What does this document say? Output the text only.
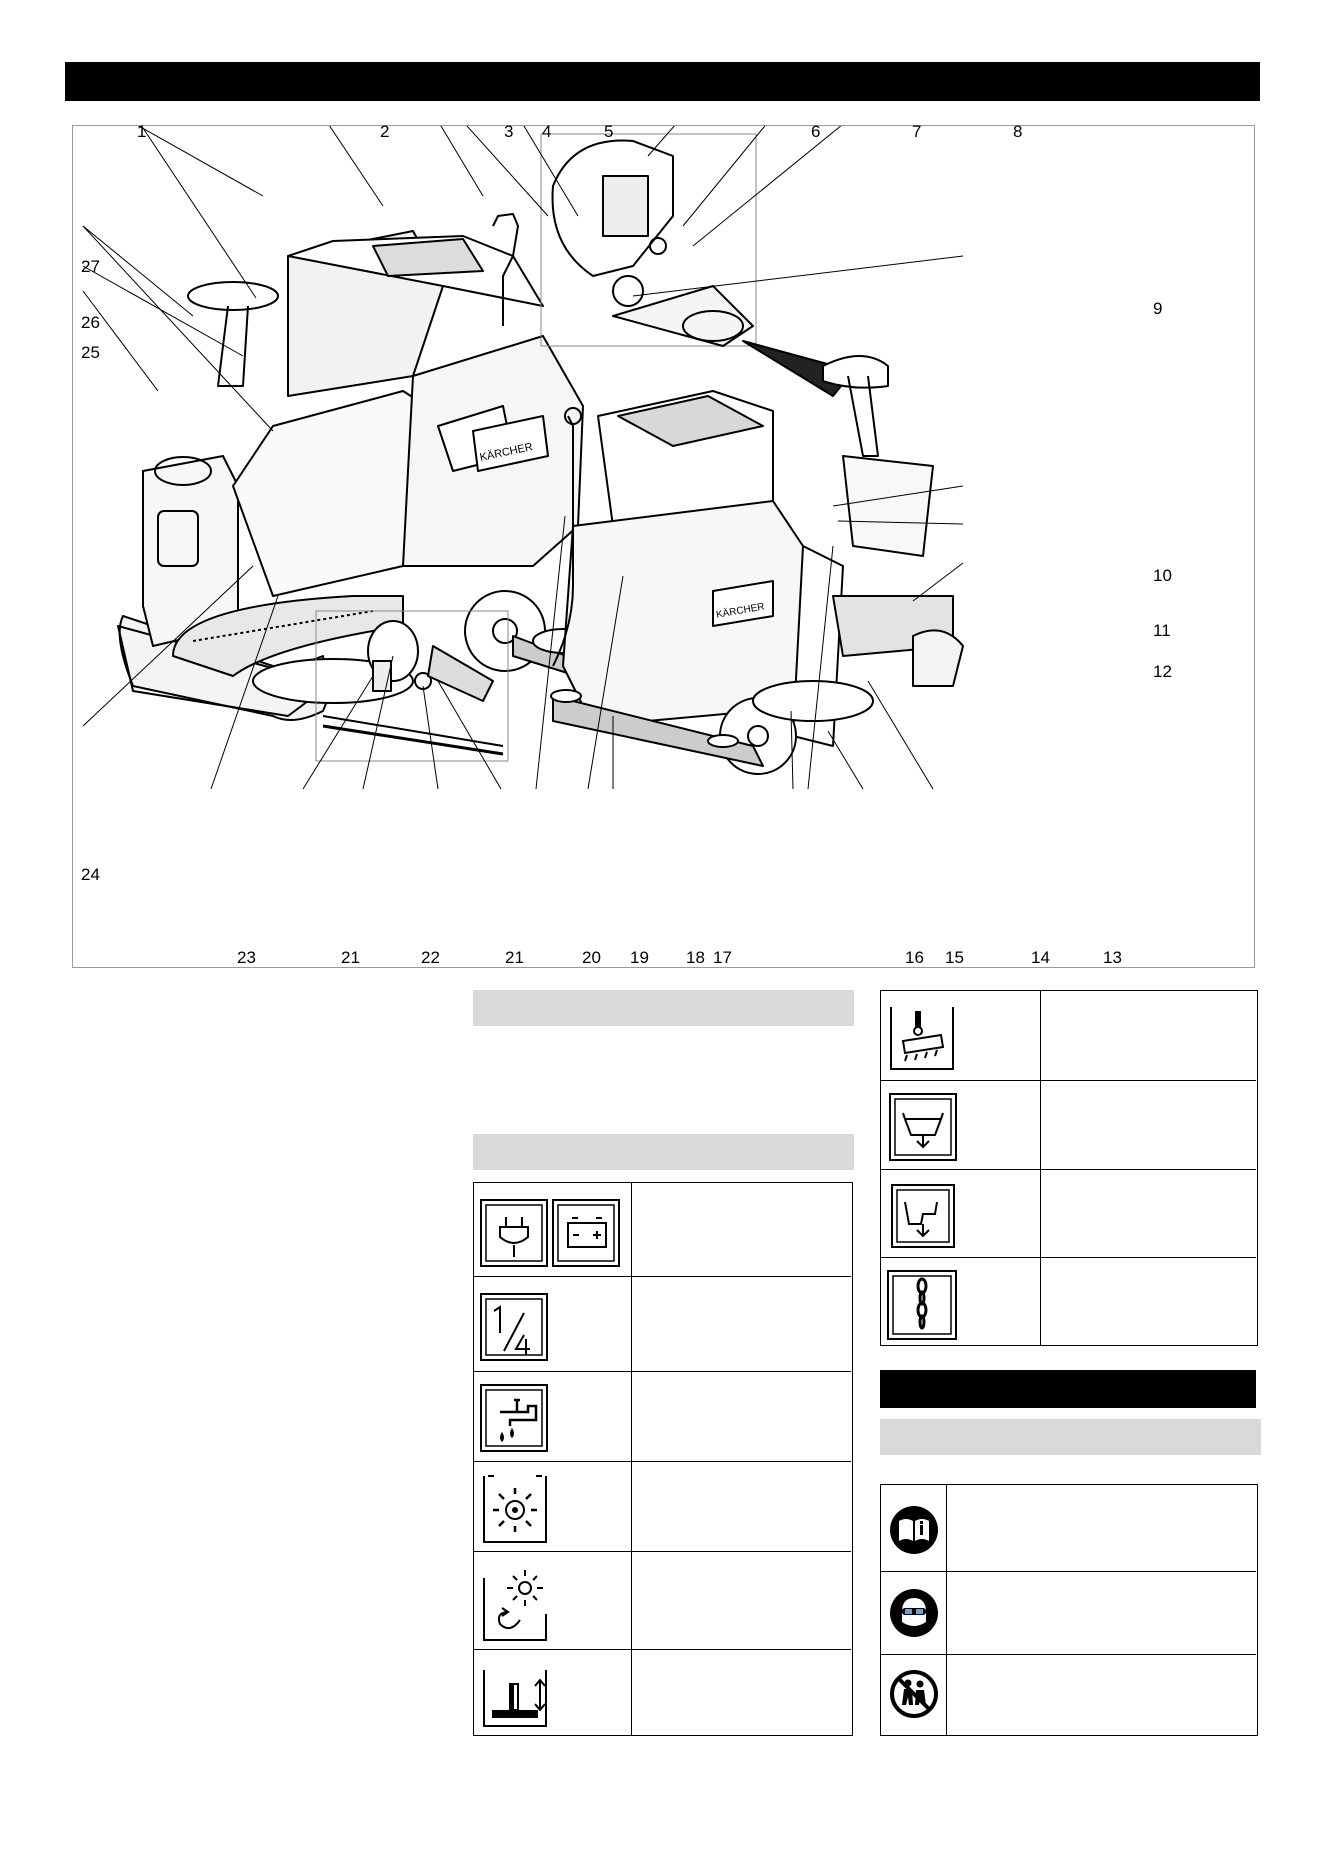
KÄRCHER
KÄRCHER
1	2	3 4	5	6	7	8
9
10
11
12
13
14
15
16
17
18
19
20
21
21	22
23
24
25
26
27
